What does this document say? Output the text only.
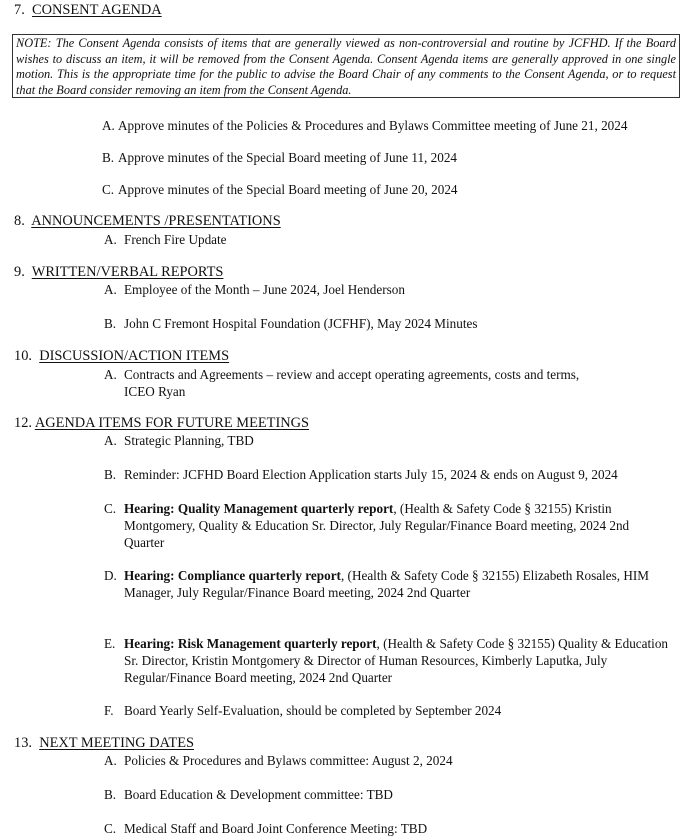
7. CONSENT AGENDA
NOTE: The Consent Agenda consists of items that are generally viewed as non-controversial and routine by JCFHD. If the Board wishes to discuss an item, it will be removed from the Consent Agenda. Consent Agenda items are generally approved in one single motion. This is the appropriate time for the public to advise the Board Chair of any comments to the Consent Agenda, or to request that the Board consider removing an item from the Consent Agenda.
A. Approve minutes of the Policies & Procedures and Bylaws Committee meeting of June 21, 2024
B. Approve minutes of the Special Board meeting of June 11, 2024
C. Approve minutes of the Special Board meeting of June 20, 2024
8. ANNOUNCEMENTS /PRESENTATIONS
A. French Fire Update
9. WRITTEN/VERBAL REPORTS
A. Employee of the Month – June 2024, Joel Henderson
B. John C Fremont Hospital Foundation (JCFHF), May 2024 Minutes
10. DISCUSSION/ACTION ITEMS
A. Contracts and Agreements – review and accept operating agreements, costs and terms,
ICEO Ryan
12. AGENDA ITEMS FOR FUTURE MEETINGS
A. Strategic Planning, TBD
B. Reminder: JCFHD Board Election Application starts July 15, 2024 & ends on August 9, 2024
C. Hearing: Quality Management quarterly report, (Health & Safety Code § 32155) Kristin Montgomery, Quality & Education Sr. Director, July Regular/Finance Board meeting, 2024 2nd Quarter
D. Hearing: Compliance quarterly report, (Health & Safety Code § 32155) Elizabeth Rosales, HIM Manager, July Regular/Finance Board meeting, 2024 2nd Quarter
E. Hearing: Risk Management quarterly report, (Health & Safety Code § 32155) Quality & Education Sr. Director, Kristin Montgomery & Director of Human Resources, Kimberly Laputka, July Regular/Finance Board meeting, 2024 2nd Quarter
F. Board Yearly Self-Evaluation, should be completed by September 2024
13. NEXT MEETING DATES
A. Policies & Procedures and Bylaws committee: August 2, 2024
B. Board Education & Development committee: TBD
C. Medical Staff and Board Joint Conference Meeting: TBD
